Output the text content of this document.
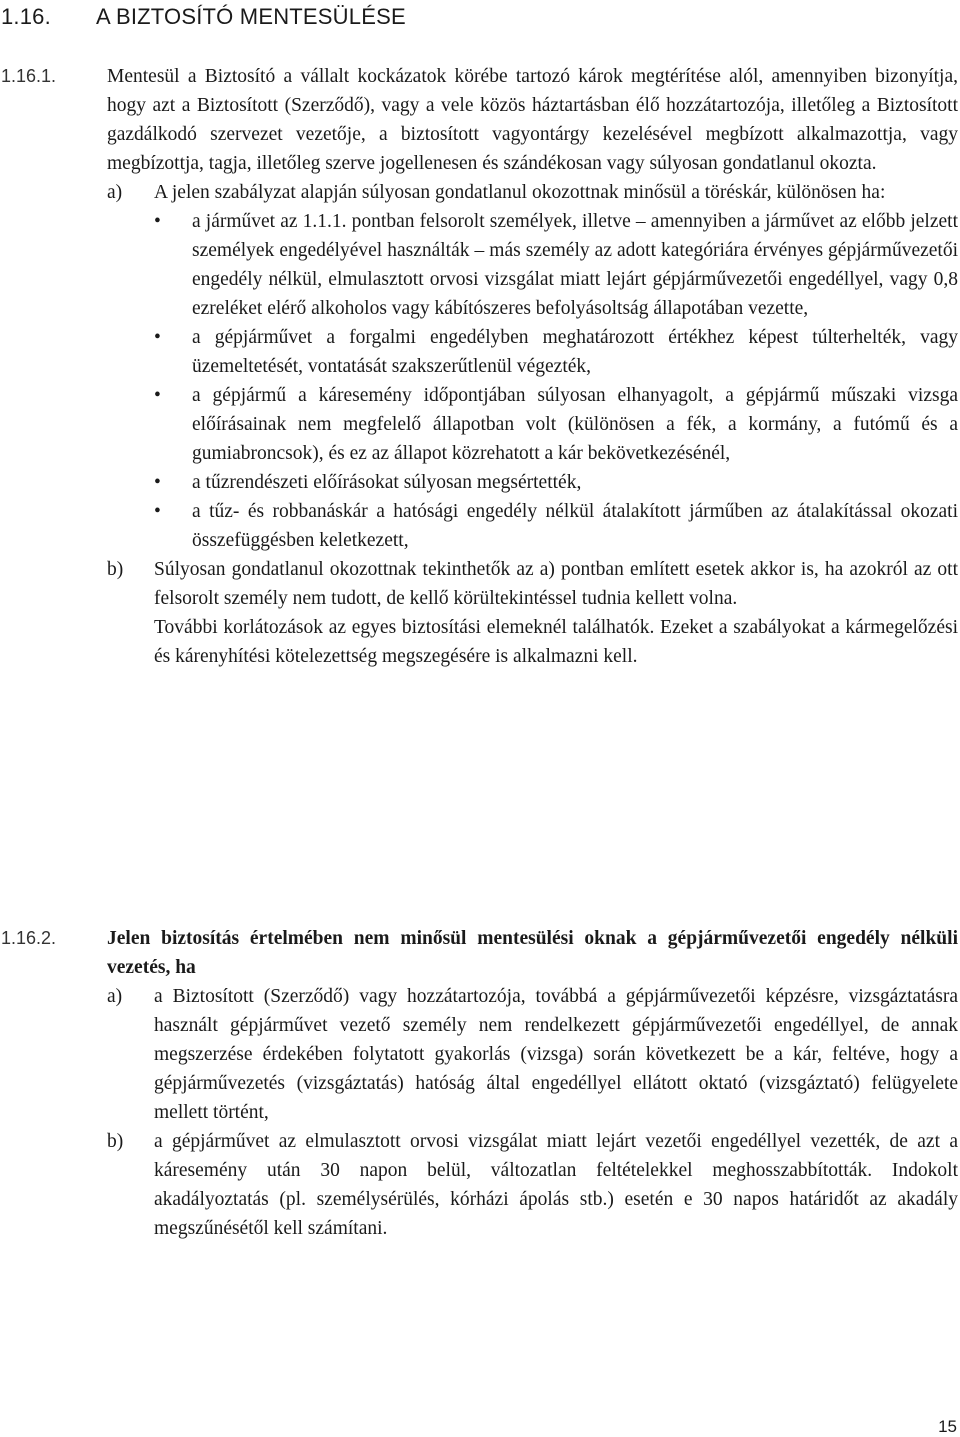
1.16. A BIZTOSÍTÓ MENTESÜLÉSE
1.16.1.	Mentesül a Biztosító a vállalt kockázatok körébe tartozó károk megtérítése alól, amennyiben bizonyítja, hogy azt a Biztosított (Szerződő), vagy a vele közös háztartásban élő hozzátartozója, illetőleg a Biztosított gazdálkodó szervezet vezetője, a biztosított vagyontárgy kezelésével megbízott alkalmazottja, vagy megbízottja, tagja, illetőleg szerve jogellenesen és szándékosan vagy súlyosan gondatlanul okozta.

a) A jelen szabályzat alapján súlyosan gondatlanul okozottnak minősül a töréskár, különösen ha:

• a járművet az 1.1.1. pontban felsorolt személyek, illetve – amennyiben a járművet az előbb jelzett személyek engedélyével használták – más személy az adott kategóriára érvényes gépjárművezetői engedély nélkül, elmulasztott orvosi vizsgálat miatt lejárt gépjárművezetői engedéllyel, vagy 0,8 ezreléket elérő alkoholos vagy kábítószeres befolyásoltság állapotában vezette,
• a gépjárművet a forgalmi engedélyben meghatározott értékhez képest túlterhelték, vagy üzemeltetését, vontatását szakszerűtlenül végezték,
• a gépjármű a káresemény időpontjában súlyosan elhanyagolt, a gépjármű műszaki vizsga előírásainak nem megfelelő állapotban volt (különösen a fék, a kormány, a futómű és a gumiabroncsok), és ez az állapot közrehatott a kár bekövetkezésénél,
• a tűzrendészeti előírásokat súlyosan megsértették,
• a tűz- és robbanáskár a hatósági engedély nélkül átalakított járműben az átalakítással okozati összefüggésben keletkezett,
b) Súlyosan gondatlanul okozottnak tekinthetők az a) pontban említett esetek akkor is, ha azokról az ott felsorolt személy nem tudott, de kellő körültekintéssel tudnia kellett volna.

További korlátozások az egyes biztosítási elemeknél találhatók. Ezeket a szabályokat a kármegelőzési és kárenyhítési kötelezettség megszegésére is alkalmazni kell.

1.16.2.	Jelen biztosítás értelmében nem minősül mentesülési oknak a gépjárművezetői engedély nélküli vezetés, ha

a) a Biztosított (Szerződő) vagy hozzátartozója, továbbá a gépjárművezetői képzésre, vizsgáztatásra használt gépjárművet vezető személy nem rendelkezett gépjárművezetői engedéllyel, de annak megszerzése érdekében folytatott gyakorlás (vizsga) során következett be a kár, feltéve, hogy a gépjárművezetés (vizsgáztatás) hatóság által engedéllyel ellátott oktató (vizsgáztató) felügyelete mellett történt,

b) a gépjárművet az elmulasztott orvosi vizsgálat miatt lejárt vezetői engedéllyel vezették, de azt a káresemény után 30 napon belül, változatlan feltételekkel meghosszabbították. Indokolt akadályoztatás (pl. személysérülés, kórházi ápolás stb.) esetén e 30 napos határidőt az akadály megszűnésétől kell számítani.

15
